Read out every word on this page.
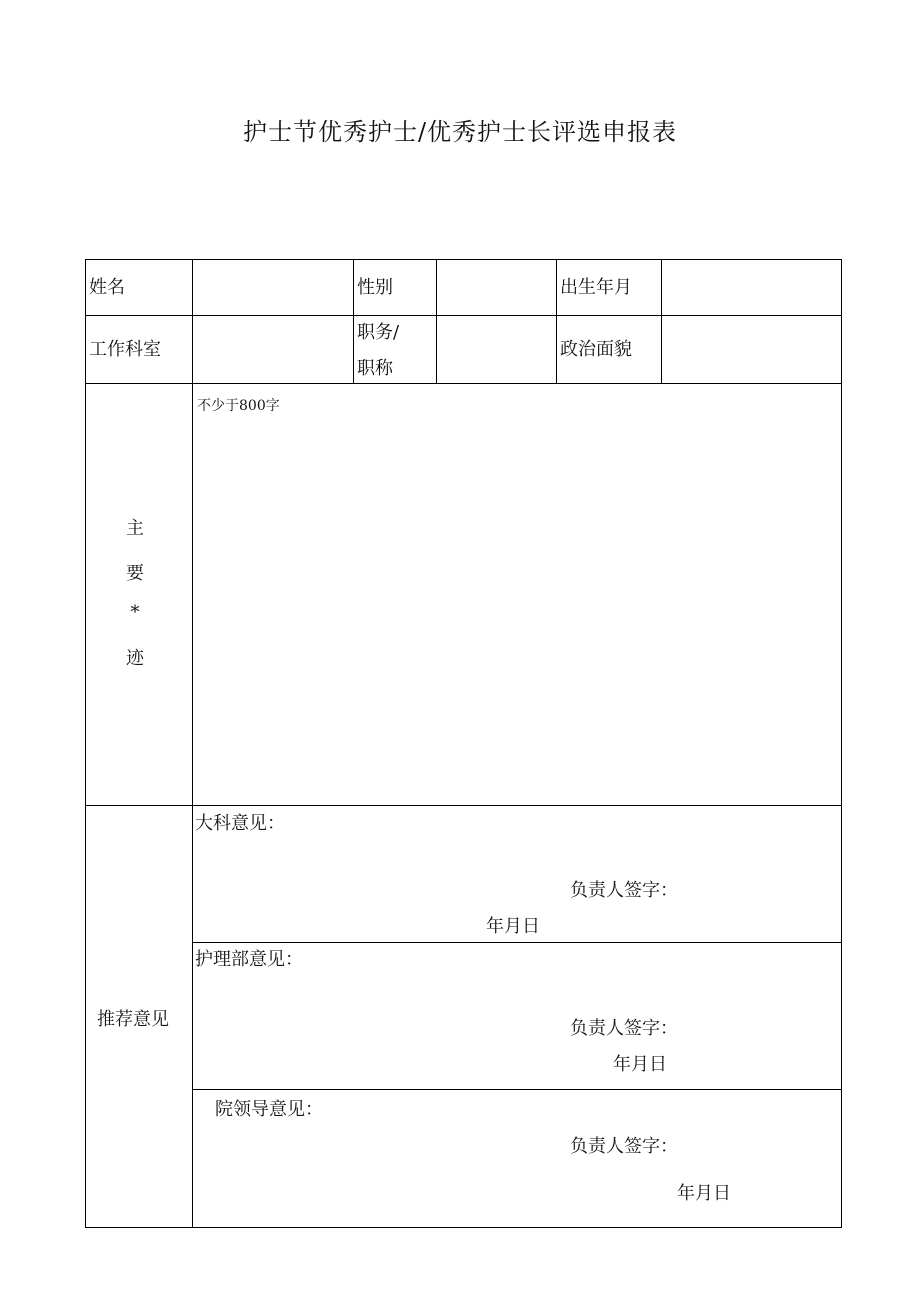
护士节优秀护士/优秀护士长评选申报表
姓名	性别	出生年月
工作科室
职务/
职称
政治面貌
主
要
*
迹
不少于800字
推荐意见
大科意见：
负责人签字：
年月日
护理部意见：
负责人签字：
年月日
院领导意见：
负责人签字：
年月日
